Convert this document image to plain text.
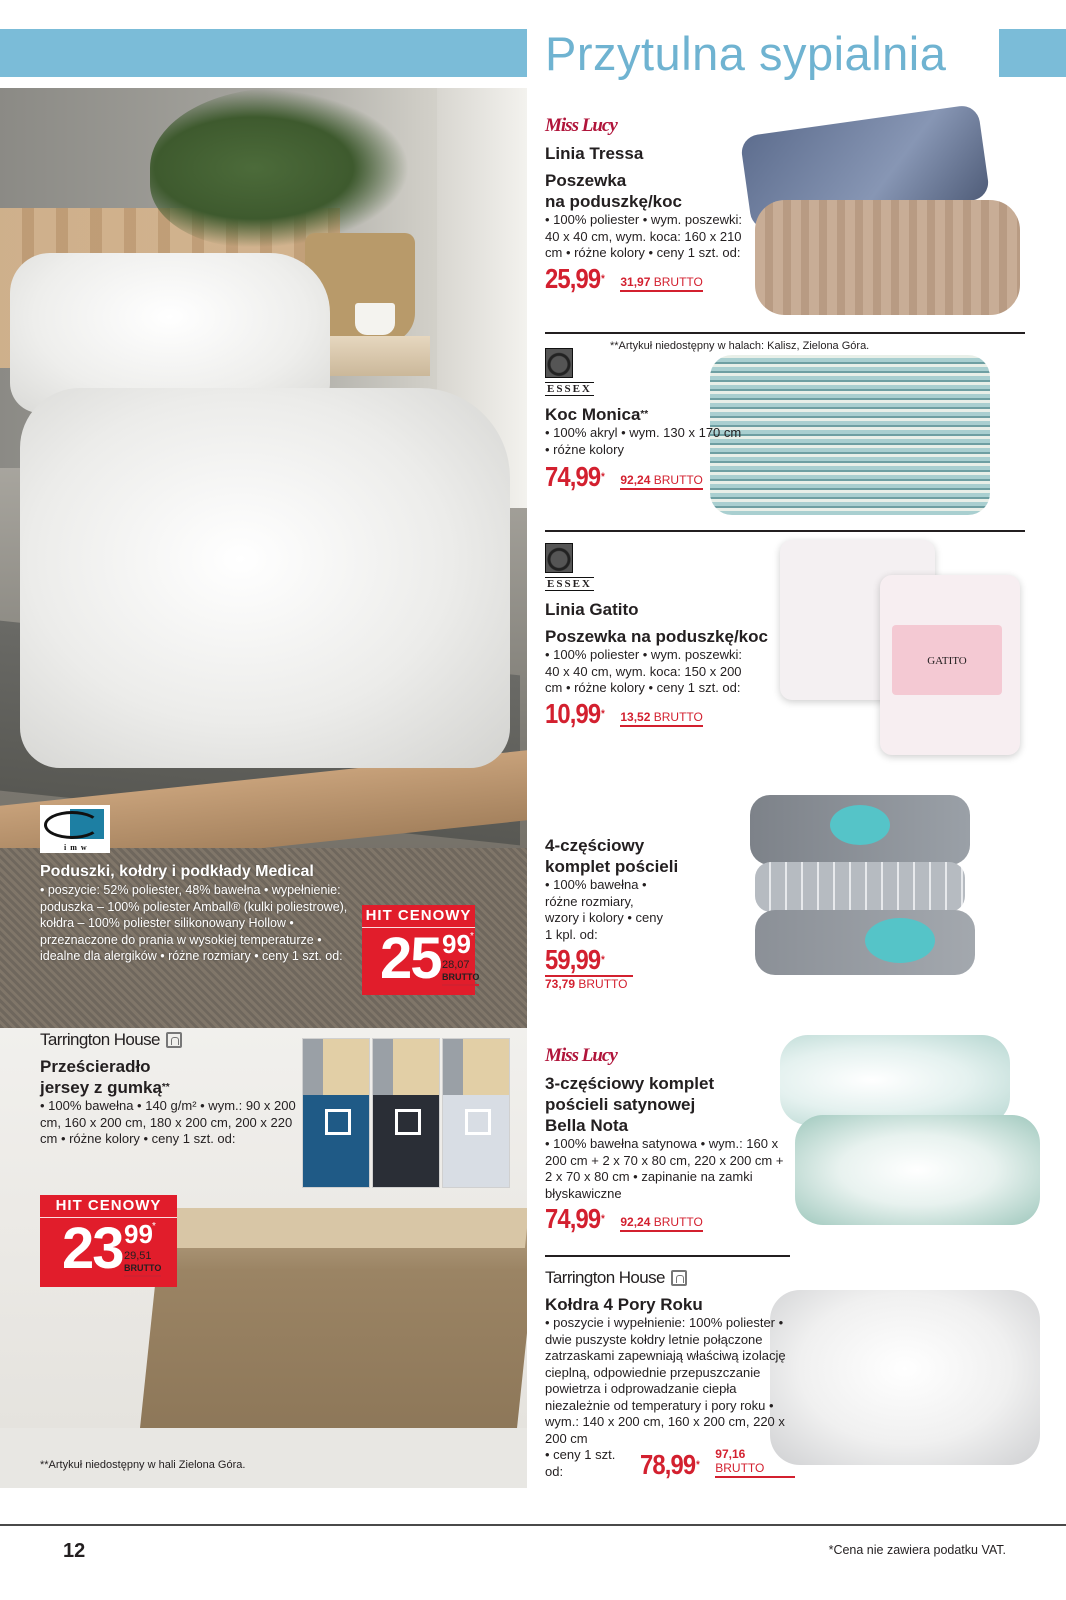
Przytulna sypialnia
imw
Poduszki, kołdry i podkłady Medical
• poszycie: 52% poliester, 48% bawełna • wypełnienie: poduszka – 100% poliester Amball® (kulki poliestrowe), kołdra – 100% poliester silikonowany Hollow • przeznaczone do prania w wysokiej temperaturze • idealne dla alergików • różne rozmiary • ceny 1 szt. od:
HIT CENOWY
25 99 *
28,07
BRUTTO
Tarrington House
Prześcieradło
jersey z gumką**
• 100% bawełna • 140 g/m² • wym.: 90 x 200 cm, 160 x 200 cm, 180 x 200 cm, 200 x 220 cm • różne kolory • ceny 1 szt. od:
HIT CENOWY
23 99 *
29,51
BRUTTO
**Artykuł niedostępny w hali Zielona Góra.
Miss Lucy
Linia Tressa
Poszewka
na poduszkę/koc
• 100% poliester • wym. poszewki: 40 x 40 cm, wym. koca: 160 x 210 cm • różne kolory • ceny 1 szt. od:
25,99* 31,97 BRUTTO
**Artykuł niedostępny w halach: Kalisz, Zielona Góra.
ESSEX
Koc Monica**
• 100% akryl • wym. 130 x 170 cm • różne kolory
74,99* 92,24 BRUTTO
GATITO
ESSEX
Linia Gatito
Poszewka na poduszkę/koc
• 100% poliester • wym. poszewki: 40 x 40 cm, wym. koca: 150 x 200 cm • różne kolory • ceny 1 szt. od:
10,99* 13,52 BRUTTO
4-częściowy
komplet pościeli
• 100% bawełna • różne rozmiary, wzory i kolory • ceny 1 kpl. od:
59,99*
73,79 BRUTTO
Miss Lucy
3-częściowy komplet
pościeli satynowej
Bella Nota
• 100% bawełna satynowa • wym.: 160 x 200 cm + 2 x 70 x 80 cm, 220 x 200 cm + 2 x 70 x 80 cm • zapinanie na zamki błyskawiczne
74,99* 92,24 BRUTTO
Tarrington House
Kołdra 4 Pory Roku
• poszycie i wypełnienie: 100% poliester • dwie puszyste kołdry letnie połączone zatrzaskami zapewniają właściwą izolację cieplną, odpowiednie przepuszczanie powietrza i odprowadzanie ciepła niezależnie od temperatury i pory roku • wym.: 140 x 200 cm, 160 x 200 cm, 220 x 200 cm
• ceny 1 szt. od:	78,99*
97,16 BRUTTO
12	*Cena nie zawiera podatku VAT.
